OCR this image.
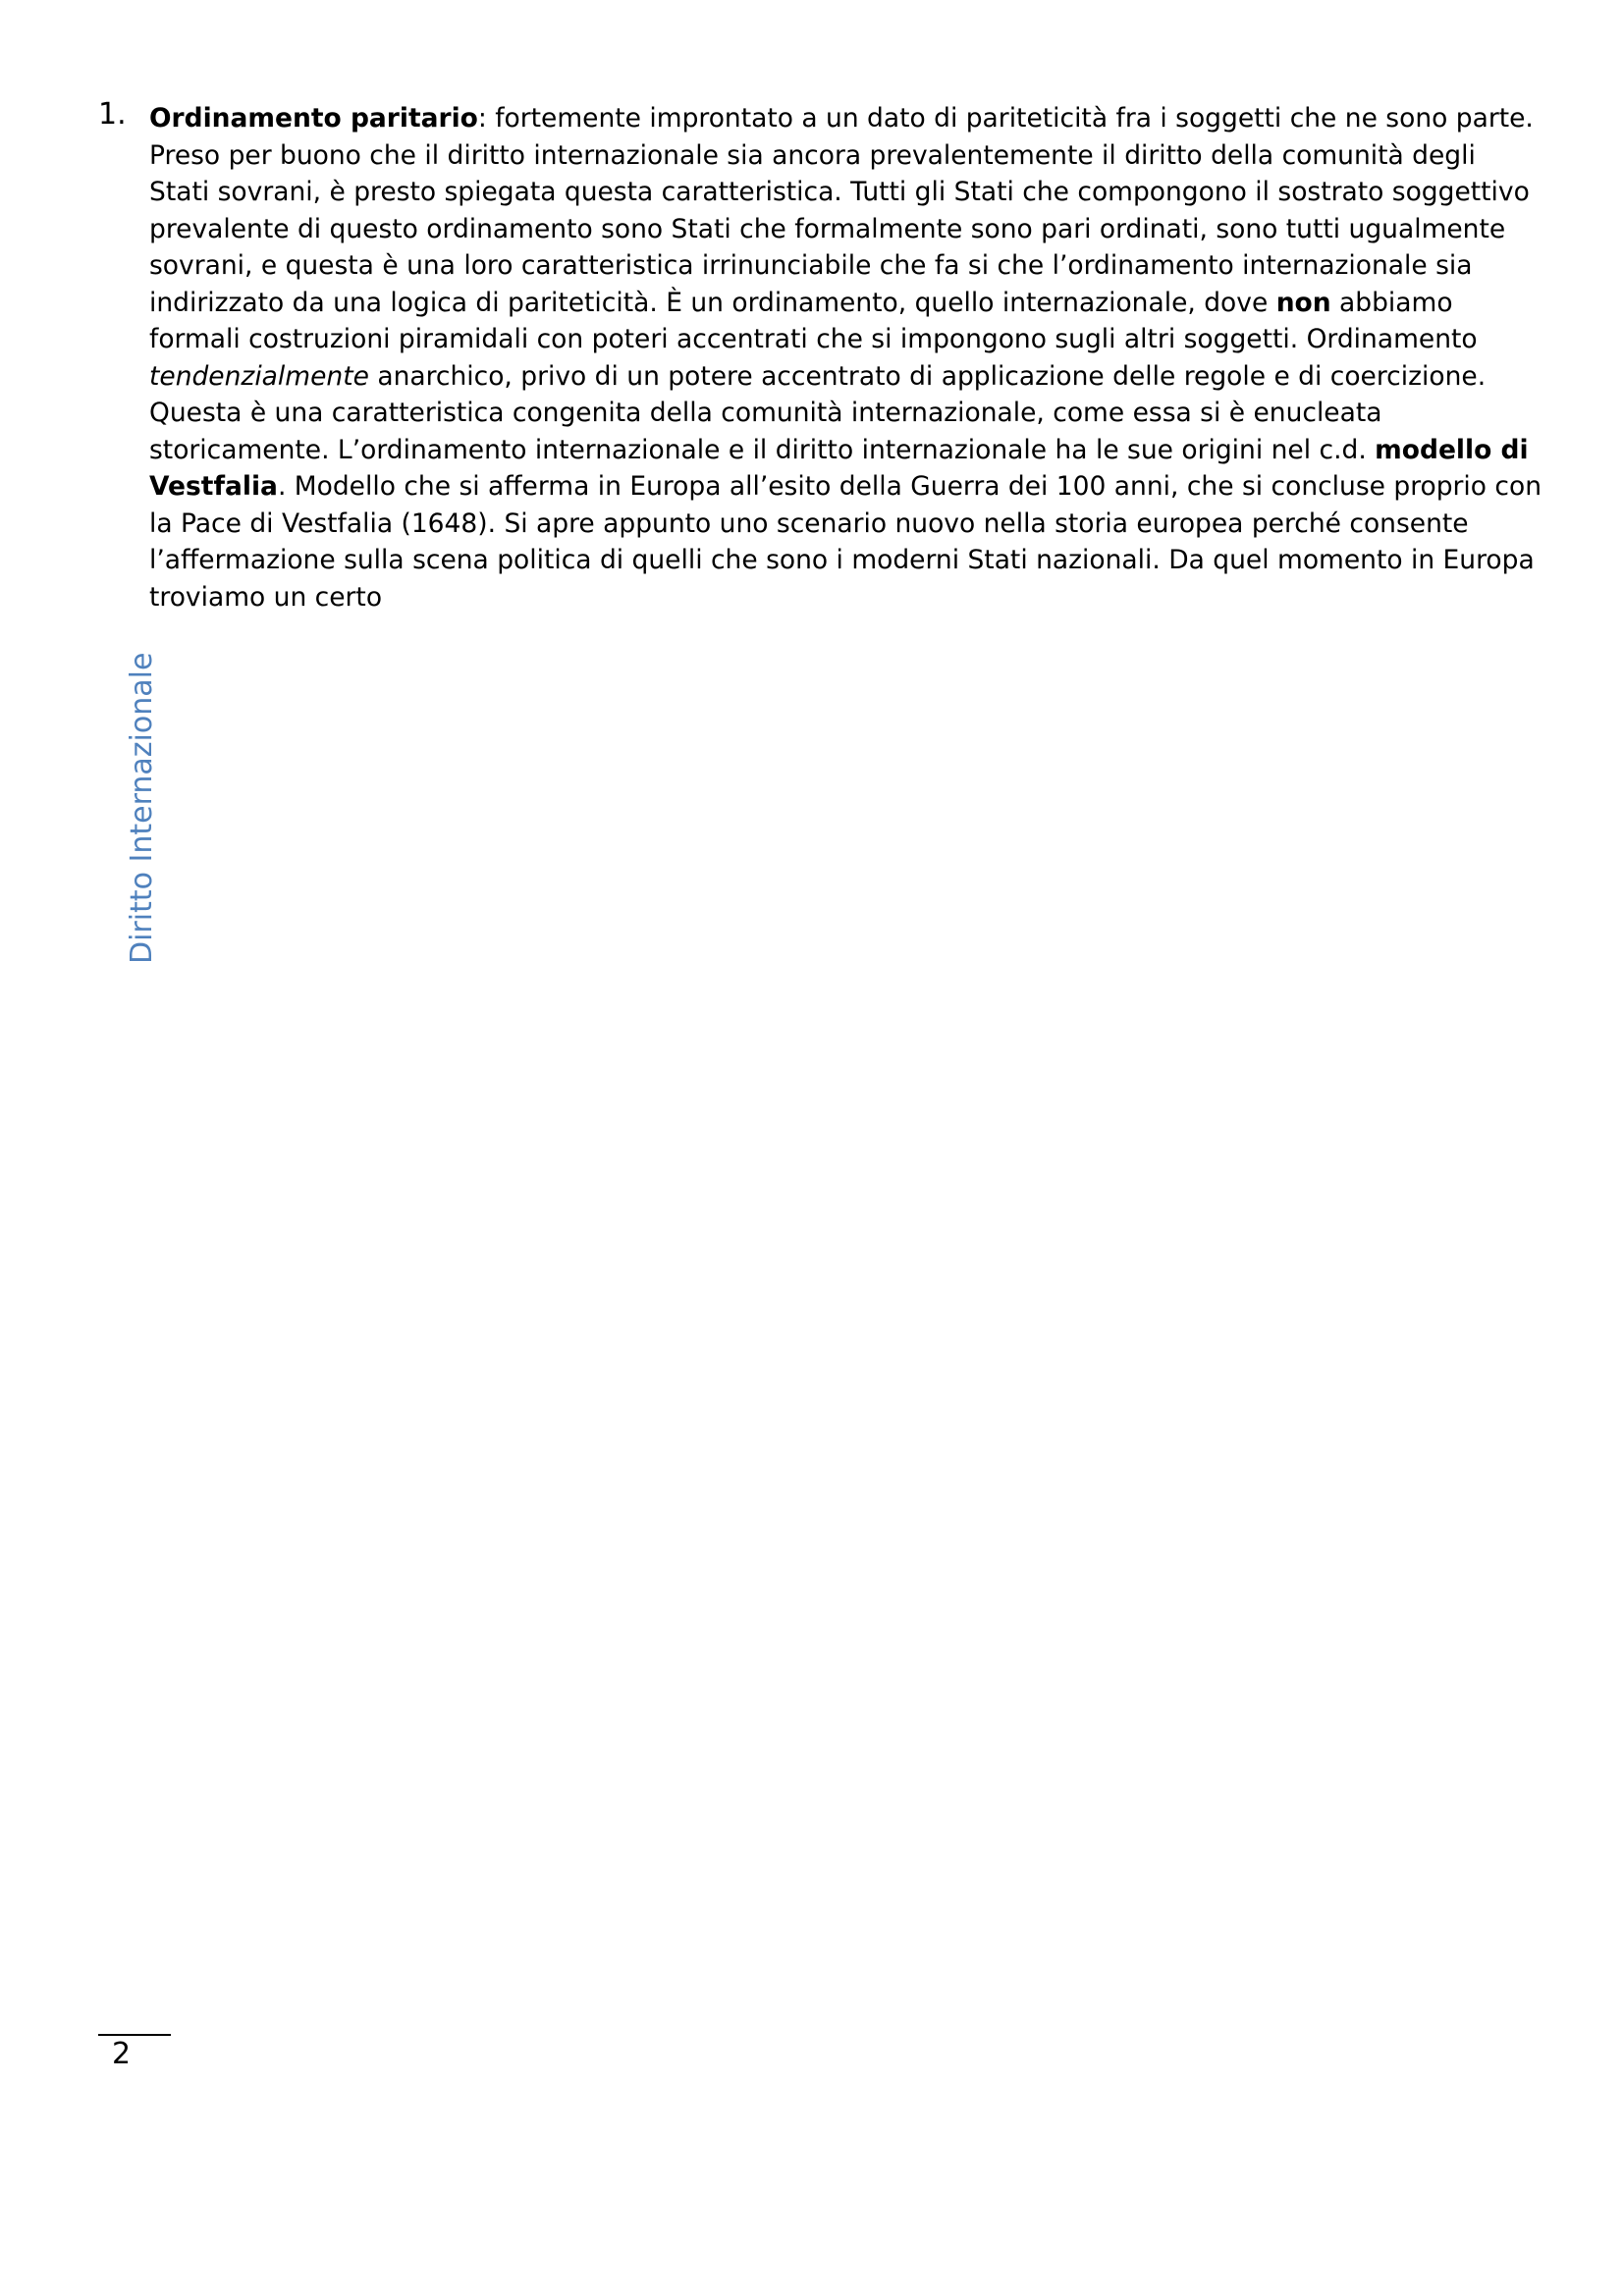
1. Ordinamento paritario: fortemente improntato a un dato di pariteticità fra i soggetti che ne sono parte. Preso per buono che il diritto internazionale sia ancora prevalentemente il diritto della comunità degli Stati sovrani, è presto spiegata questa caratteristica. Tutti gli Stati che compongono il sostrato soggettivo prevalente di questo ordinamento sono Stati che formalmente sono pari ordinati, sono tutti ugualmente sovrani, e questa è una loro caratteristica irrinunciabile che fa si che l’ordinamento internazionale sia indirizzato da una logica di pariteticità. È un ordinamento, quello internazionale, dove non abbiamo formali costruzioni piramidali con poteri accentrati che si impongono sugli altri soggetti. Ordinamento tendenzialmente anarchico, privo di un potere accentrato di applicazione delle regole e di coercizione. Questa è una caratteristica congenita della comunità internazionale, come essa si è enucleata storicamente. L’ordinamento internazionale e il diritto internazionale ha le sue origini nel c.d. modello di Vestfalia. Modello che si afferma in Europa all’esito della Guerra dei 100 anni, che si concluse proprio con la Pace di Vestfalia (1648). Si apre appunto uno scenario nuovo nella storia europea perché consente l’affermazione sulla scena politica di quelli che sono i moderni Stati nazionali. Da quel momento in Europa troviamo un certo

Diritto Internazionale
2
